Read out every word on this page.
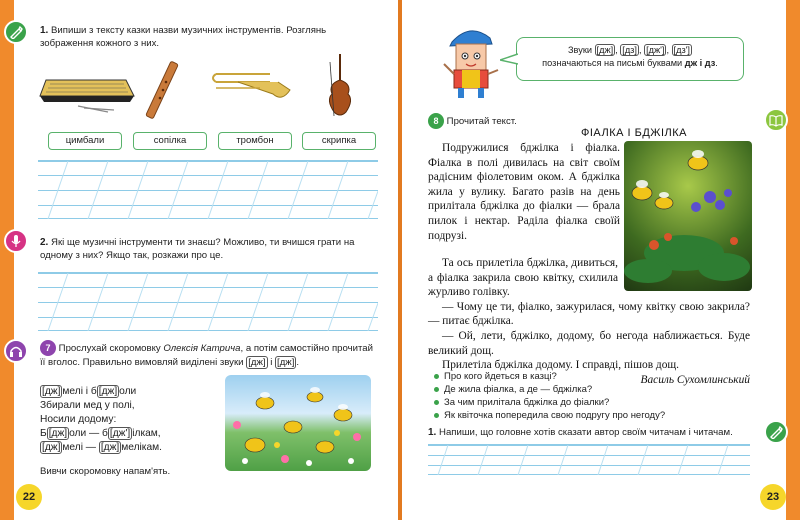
1. Випиши з тексту казки назви музичних інструментів. Розглянь зображення кожного з них.
цимбали	сопілка	тромбон	скрипка
2. Які ще музичні інструменти ти знаєш? Можливо, ти вчишся грати на одному з них? Якщо так, розкажи про це.
7 Прослухай скоромовку Олексія Катрича, а потім самостійно прочитай її вголос. Правильно вимовляй виділені звуки [дж] і [дж] .
[дж] мелі і б [дж] оли
Збирали мед у полі,
Носили додому:
Б [дж] оли — б [дж'] ілкам,
[дж] мелі — [дж] мелікам.
Вивчи скоромовку напам'ять.
22
Звуки [дж] , [дз] , [дж'] , [дз']
позначаються на письмі буквами дж і дз.
8 Прочитай текст.
ФІАЛКА І БДЖІЛКА

Подружилися бджілка і фіалка. Фіалка в полі дивилась на світ своїм радісним фіолетовим оком. А бджілка жила у вулику. Багато разів на день прилітала бджілка до фіалки — брала пилок і нектар. Раділа фіалка своїй подрузі.

Та ось прилетіла бджілка, дивиться, а фіалка закрила свою квітку, схилила журливо голівку.

— Чому це ти, фіалко, зажурилася, чому квітку свою закрила? — питає бджілка.

— Ой, лети, бджілко, додому, бо негода наближається. Буде великий дощ.

Прилетіла бджілка додому. І справді, пішов дощ.

Василь Сухомлинський
Про кого йдеться в казці?
Де жила фіалка, а де — бджілка?
За чим прилітала бджілка до фіалки?
Як квіточка попередила свою подругу про негоду?
1. Напиши, що головне хотів сказати автор своїм читачам і читачам.
23
